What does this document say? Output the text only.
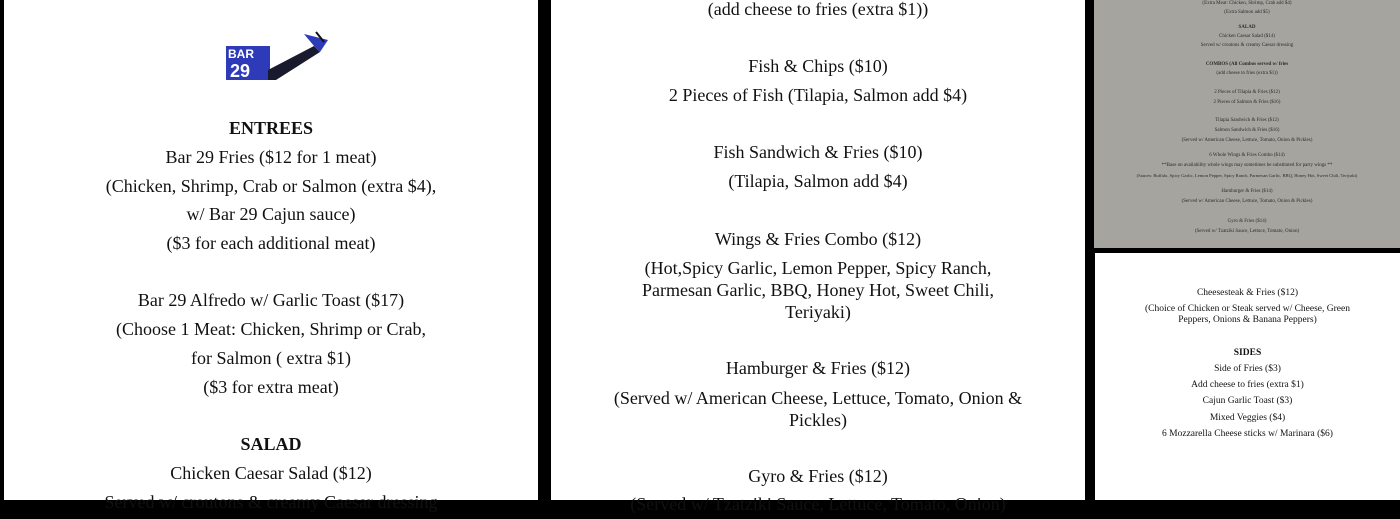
BAR
29
ENTREES
Bar 29 Fries ($12 for 1 meat)
(Chicken, Shrimp, Crab or Salmon (extra $4),
w/ Bar 29 Cajun sauce)
($3 for each additional meat)
Bar 29 Alfredo w/ Garlic Toast ($17)
(Choose 1 Meat: Chicken, Shrimp or Crab,
for Salmon ( extra $1)
($3 for extra meat)
SALAD
Chicken Caesar Salad ($12)
Served w/ croutons & creamy Caesar dressing
(add cheese to fries (extra $1))
Fish & Chips ($10)
2 Pieces of Fish (Tilapia, Salmon add $4)
Fish Sandwich & Fries ($10)
(Tilapia, Salmon add $4)
Wings & Fries Combo ($12)
(Hot,Spicy Garlic, Lemon Pepper, Spicy Ranch, Parmesan Garlic, BBQ, Honey Hot, Sweet Chili, Teriyaki)
Hamburger & Fries ($12)
(Served w/ American Cheese, Lettuce, Tomato, Onion & Pickles)
Gyro & Fries ($12)
(Served w/ Tzatziki Sauce, Lettuce, Tomato, Onion)
(Extra Meat: Chicken, Shrimp, Crab add $4)
(Extra Salmon add $5)
SALAD
Chicken Caesar Salad ($14)
Served w/ croutons & creamy Caesar dressing
COMBOS (All Combos served w/ fries
(add cheese to fries (extra $1))
2 Pieces of Tilapia & Fries ($12)
2 Pieces of Salmon & Fries ($16)
Tilapia Sandwich & Fries ($12)
Salmon Sandwich & Fries ($16)
(Served w/ American Cheese, Lettuce, Tomato, Onion & Pickles)
6 Whole Wings & Fries Combo ($14)
**Base on availability whole wings may sometimes be substituted for party wings **
(Sauces: Buffalo, Spicy Garlic, Lemon Pepper, Spicy Ranch, Parmesan Garlic, BBQ, Honey Hot, Sweet Chili, Teriyaki)
Hamburger & Fries ($14)
(Served w/ American Cheese, Lettuce, Tomato, Onion & Pickles)
Gyro & Fries ($14)
(Served w/ Tzatziki Sauce, Lettuce, Tomato, Onion)
Cheesesteak & Fries ($12)
(Choice of Chicken or Steak served w/ Cheese, Green Peppers, Onions & Banana Peppers)
SIDES
Side of Fries ($3)
Add cheese to fries (extra $1)
Cajun Garlic Toast ($3)
Mixed Veggies ($4)
6 Mozzarella Cheese sticks w/ Marinara ($6)
